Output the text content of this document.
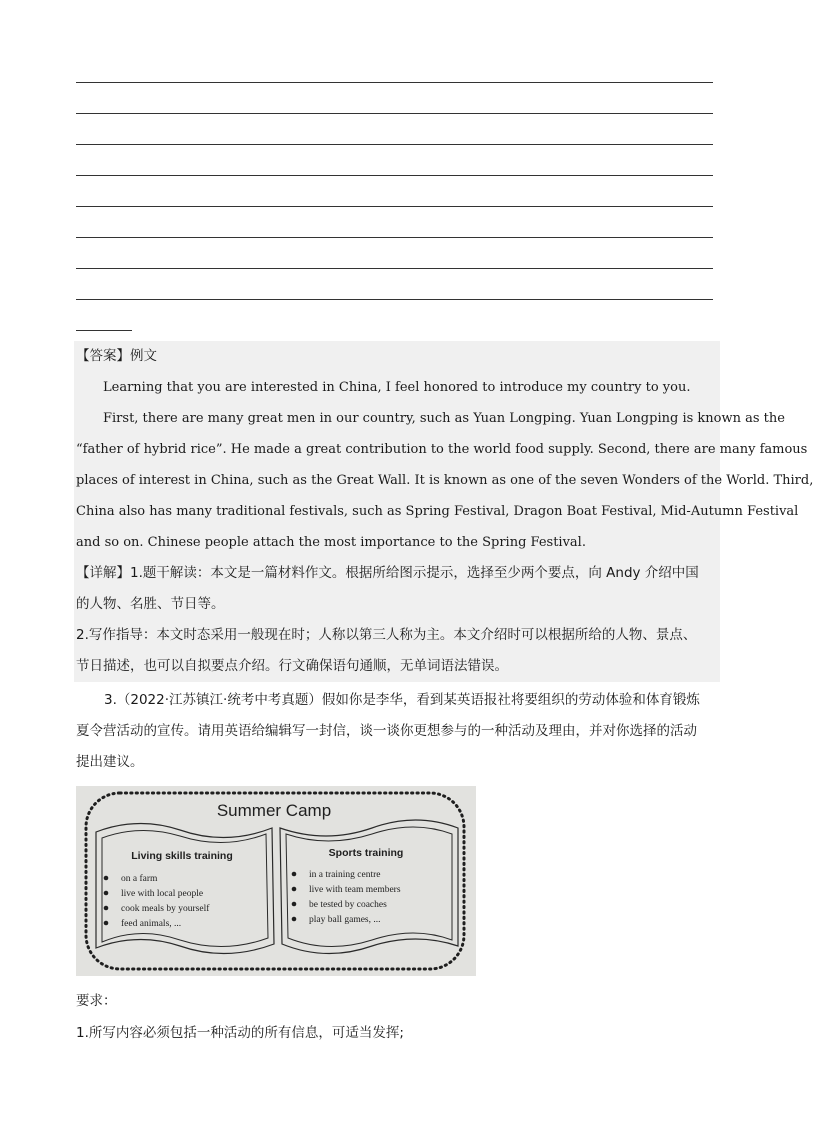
【答案】例文
Learning that you are interested in China, I feel honored to introduce my country to you.
First, there are many great men in our country, such as Yuan Longping. Yuan Longping is known as the
“father of hybrid rice”. He made a great contribution to the world food supply. Second, there are many famous
places of interest in China, such as the Great Wall. It is known as one of the seven Wonders of the World. Third,
China also has many traditional festivals, such as Spring Festival, Dragon Boat Festival, Mid-Autumn Festival
and so on. Chinese people attach the most importance to the Spring Festival.
【详解】1.题干解读：本文是一篇材料作文。根据所给图示提示，选择至少两个要点，向 Andy 介绍中国
的人物、名胜、节日等。
2.写作指导：本文时态采用一般现在时；人称以第三人称为主。本文介绍时可以根据所给的人物、景点、
节日描述，也可以自拟要点介绍。行文确保语句通顺，无单词语法错误。
3.（2022·江苏镇江·统考中考真题）假如你是李华，看到某英语报社将要组织的劳动体验和体育锻炼
夏令营活动的宣传。请用英语给编辑写一封信，谈一谈你更想参与的一种活动及理由，并对你选择的活动
提出建议。
Summer Camp
Living skills training	Sports training
on a farm
live with local people
cook meals by yourself
feed animals, ...
in a training centre
live with team members
be tested by coaches
play ball games, ...
要求：
1.所写内容必须包括一种活动的所有信息，可适当发挥;
